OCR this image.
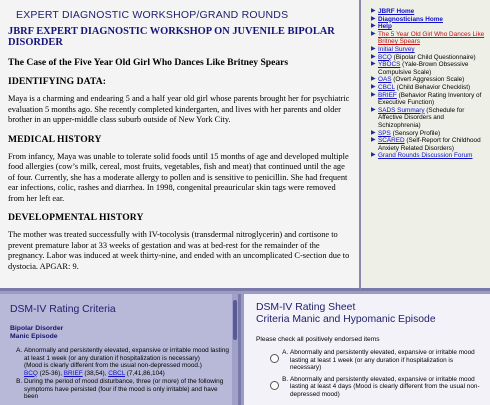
EXPERT DIAGNOSTIC WORKSHOP/GRAND ROUNDS
JBRF EXPERT DIAGNOSTIC WORKSHOP ON JUVENILE BIPOLAR DISORDER
The Case of the Five Year Old Girl Who Dances Like Britney Spears
IDENTIFYING DATA:

Maya is a charming and endearing 5 and a half year old girl whose parents brought her for psychiatric evaluation 5 months ago. She recently completed kindergarten, and lives with her parents and older brother in an upper-middle class suburb outside of New York City.

MEDICAL HISTORY

From infancy, Maya was unable to tolerate solid foods until 15 months of age and developed multiple food allergies (cow’s milk, cereal, most fruits, vegetables, fish and meat) that continued until the age of four. Currently, she has a moderate allergy to pollen and is sensitive to penicillin. She had frequent ear infections, colic, rashes and diarrhea. In 1998, congenital preauricular skin tags were removed from her left ear.

DEVELOPMENTAL HISTORY

The mother was treated successfully with IV-tocolysis (transdermal nitroglycerin) and cortisone to prevent premature labor at 33 weeks of gestation and was at bed-rest for the remainder of the pregnancy. Labor was induced at week thirty-nine, and ended with an uncomplicated C-section due to dystocia. APGAR: 9.

▶ JBRF Home
▶ Diagnosticians Home
▶ Help
▶ The 5 Year Old Girl Who Dances Like Britney Spears
▶ Initial Survey
▶ BCQ (Bipolar Child Questionnaire)
▶ YBOCS (Yale-Brown Obsessive Compulsive Scale)
▶ OAS (Overt Aggression Scale)
▶ CBCL (Child Behavior Checklist)
▶ BRIEF (Behavior Rating Inventory of Executive Function)
▶ SADS Summary (Schedule for Affective Disorders and Schizophrenia)
▶ SPS (Sensory Profile)
▶ SCARED (Self-Report for Childhood Anxiety Related Disorders)
▶ Grand Rounds Discussion Forum
DSM-IV Rating Criteria
Bipolar Disorder
Manic Episode
A. Abnormally and persistently elevated, expansive or irritable mood lasting at least 1 week (or any duration if hospitalization is necessary)
(Mood is clearly different from the usual non-depressed mood.)
BCQ (25-36), BRIEF (38,54), CBCL (7,41,86,104)
B. During the period of mood disturbance, three (or more) of the following symptoms have persisted (four if the mood is only irritable) and have been
DSM-IV Rating Sheet
Criteria Manic and Hypomanic Episode
Please check all positively endorsed items
A. Abnormally and persistently elevated, expansive or irritable mood lasting at least 1 week (or any duration if hospitalization is necessary)
B. Abnormally and persistently elevated, expansive or irritable mood lasting at least 4 days (Mood is clearly different from the usual non-depressed mood)
